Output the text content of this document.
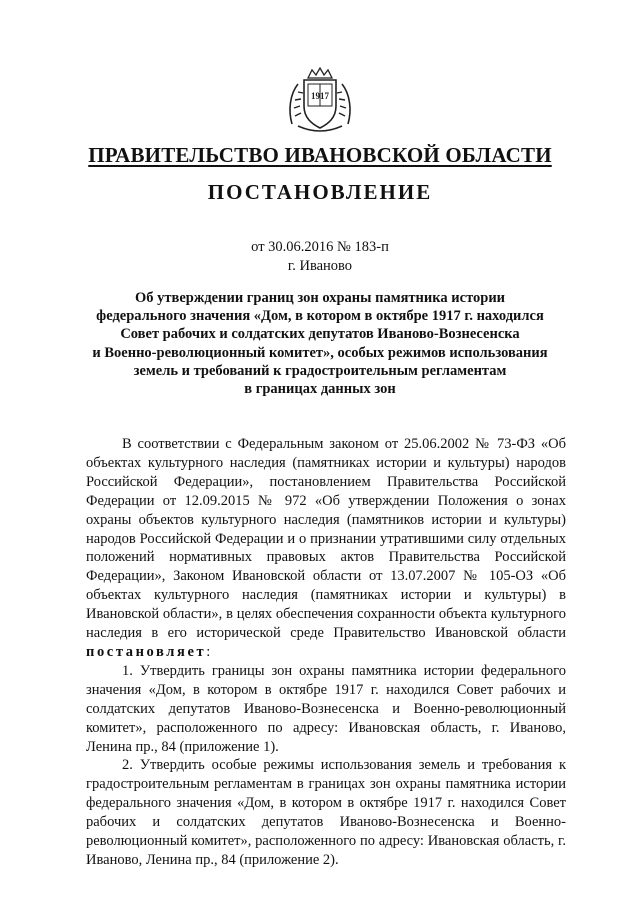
1917
ПРАВИТЕЛЬСТВО ИВАНОВСКОЙ ОБЛАСТИ
ПОСТАНОВЛЕНИЕ
от 30.06.2016 № 183-п
г. Иваново
Об утверждении границ зон охраны памятника истории
федерального значения «Дом, в котором в октябре 1917 г. находился
Совет рабочих и солдатских депутатов Иваново-Вознесенска
и Военно-революционный комитет», особых режимов использования
земель и требований к градостроительным регламентам
в границах данных зон

В соответствии с Федеральным законом от 25.06.2002 № 73-ФЗ «Об объектах культурного наследия (памятниках истории и культуры) народов Российской Федерации», постановлением Правительства Российской Федерации от 12.09.2015 № 972 «Об утверждении Положения о зонах охраны объектов культурного наследия (памятников истории и культуры) народов Российской Федерации и о признании утратившими силу отдельных положений нормативных правовых актов Правительства Российской Федерации», Законом Ивановской области от 13.07.2007 № 105-ОЗ «Об объектах культурного наследия (памятниках истории и культуры) в Ивановской области», в целях обеспечения сохранности объекта культурного наследия в его исторической среде Правительство Ивановской области постановляет:

1. Утвердить границы зон охраны памятника истории федерального значения «Дом, в котором в октябре 1917 г. находился Совет рабочих и солдатских депутатов Иваново-Вознесенска и Военно-революционный комитет», расположенного по адресу: Ивановская область, г. Иваново, Ленина пр., 84 (приложение 1).

2. Утвердить особые режимы использования земель и требования к градостроительным регламентам в границах зон охраны памятника истории федерального значения «Дом, в котором в октябре 1917 г. находился Совет рабочих и солдатских депутатов Иваново-Вознесенска и Военно-революционный комитет», расположенного по адресу: Ивановская область, г. Иваново, Ленина пр., 84 (приложение 2).
